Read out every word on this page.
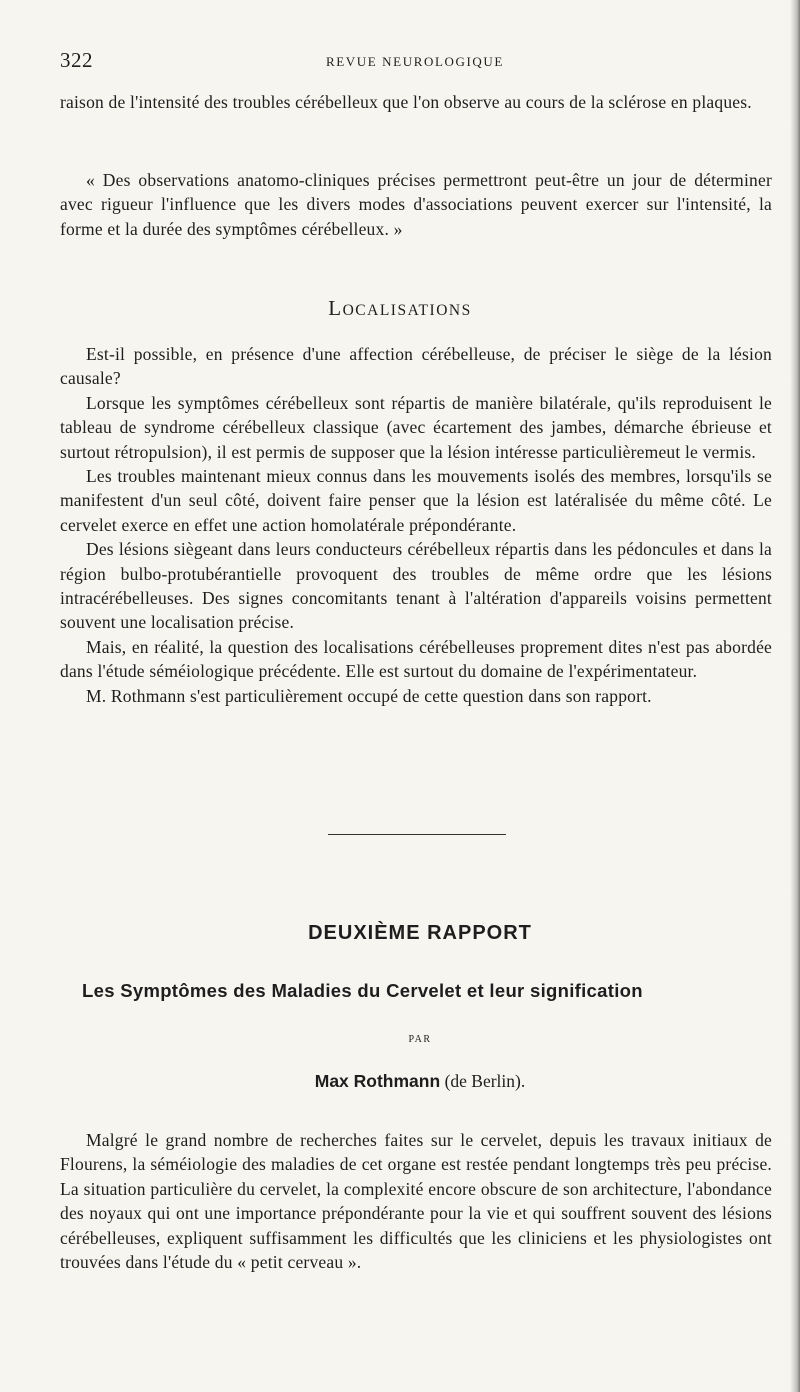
322	REVUE NEUROLOGIQUE
raison de l'intensité des troubles cérébelleux que l'on observe au cours de la sclérose en plaques.
« Des observations anatomo-cliniques précises permettront peut-être un jour de déterminer avec rigueur l'influence que les divers modes d'associations peuvent exercer sur l'intensité, la forme et la durée des symptômes cérébelleux. »
LOCALISATIONS

Est-il possible, en présence d'une affection cérébelleuse, de préciser le siège de la lésion causale?

Lorsque les symptômes cérébelleux sont répartis de manière bilatérale, qu'ils reproduisent le tableau de syndrome cérébelleux classique (avec écartement des jambes, démarche ébrieuse et surtout rétropulsion), il est permis de supposer que la lésion intéresse particulièremeut le vermis.

Les troubles maintenant mieux connus dans les mouvements isolés des membres, lorsqu'ils se manifestent d'un seul côté, doivent faire penser que la lésion est latéralisée du même côté. Le cervelet exerce en effet une action homolatérale prépondérante.

Des lésions siègeant dans leurs conducteurs cérébelleux répartis dans les pédoncules et dans la région bulbo-protubérantielle provoquent des troubles de même ordre que les lésions intracérébelleuses. Des signes concomitants tenant à l'altération d'appareils voisins permettent souvent une localisation précise.

Mais, en réalité, la question des localisations cérébelleuses proprement dites n'est pas abordée dans l'étude séméiologique précédente. Elle est surtout du domaine de l'expérimentateur.

M. Rothmann s'est particulièrement occupé de cette question dans son rapport.

DEUXIÈME RAPPORT
Les Symptômes des Maladies du Cervelet et leur signification
PAR
Max Rothmann (de Berlin).
Malgré le grand nombre de recherches faites sur le cervelet, depuis les travaux initiaux de Flourens, la séméiologie des maladies de cet organe est restée pendant longtemps très peu précise. La situation particulière du cervelet, la complexité encore obscure de son architecture, l'abondance des noyaux qui ont une importance prépondérante pour la vie et qui souffrent souvent des lésions cérébelleuses, expliquent suffisamment les difficultés que les cliniciens et les physiologistes ont trouvées dans l'étude du « petit cerveau ».
